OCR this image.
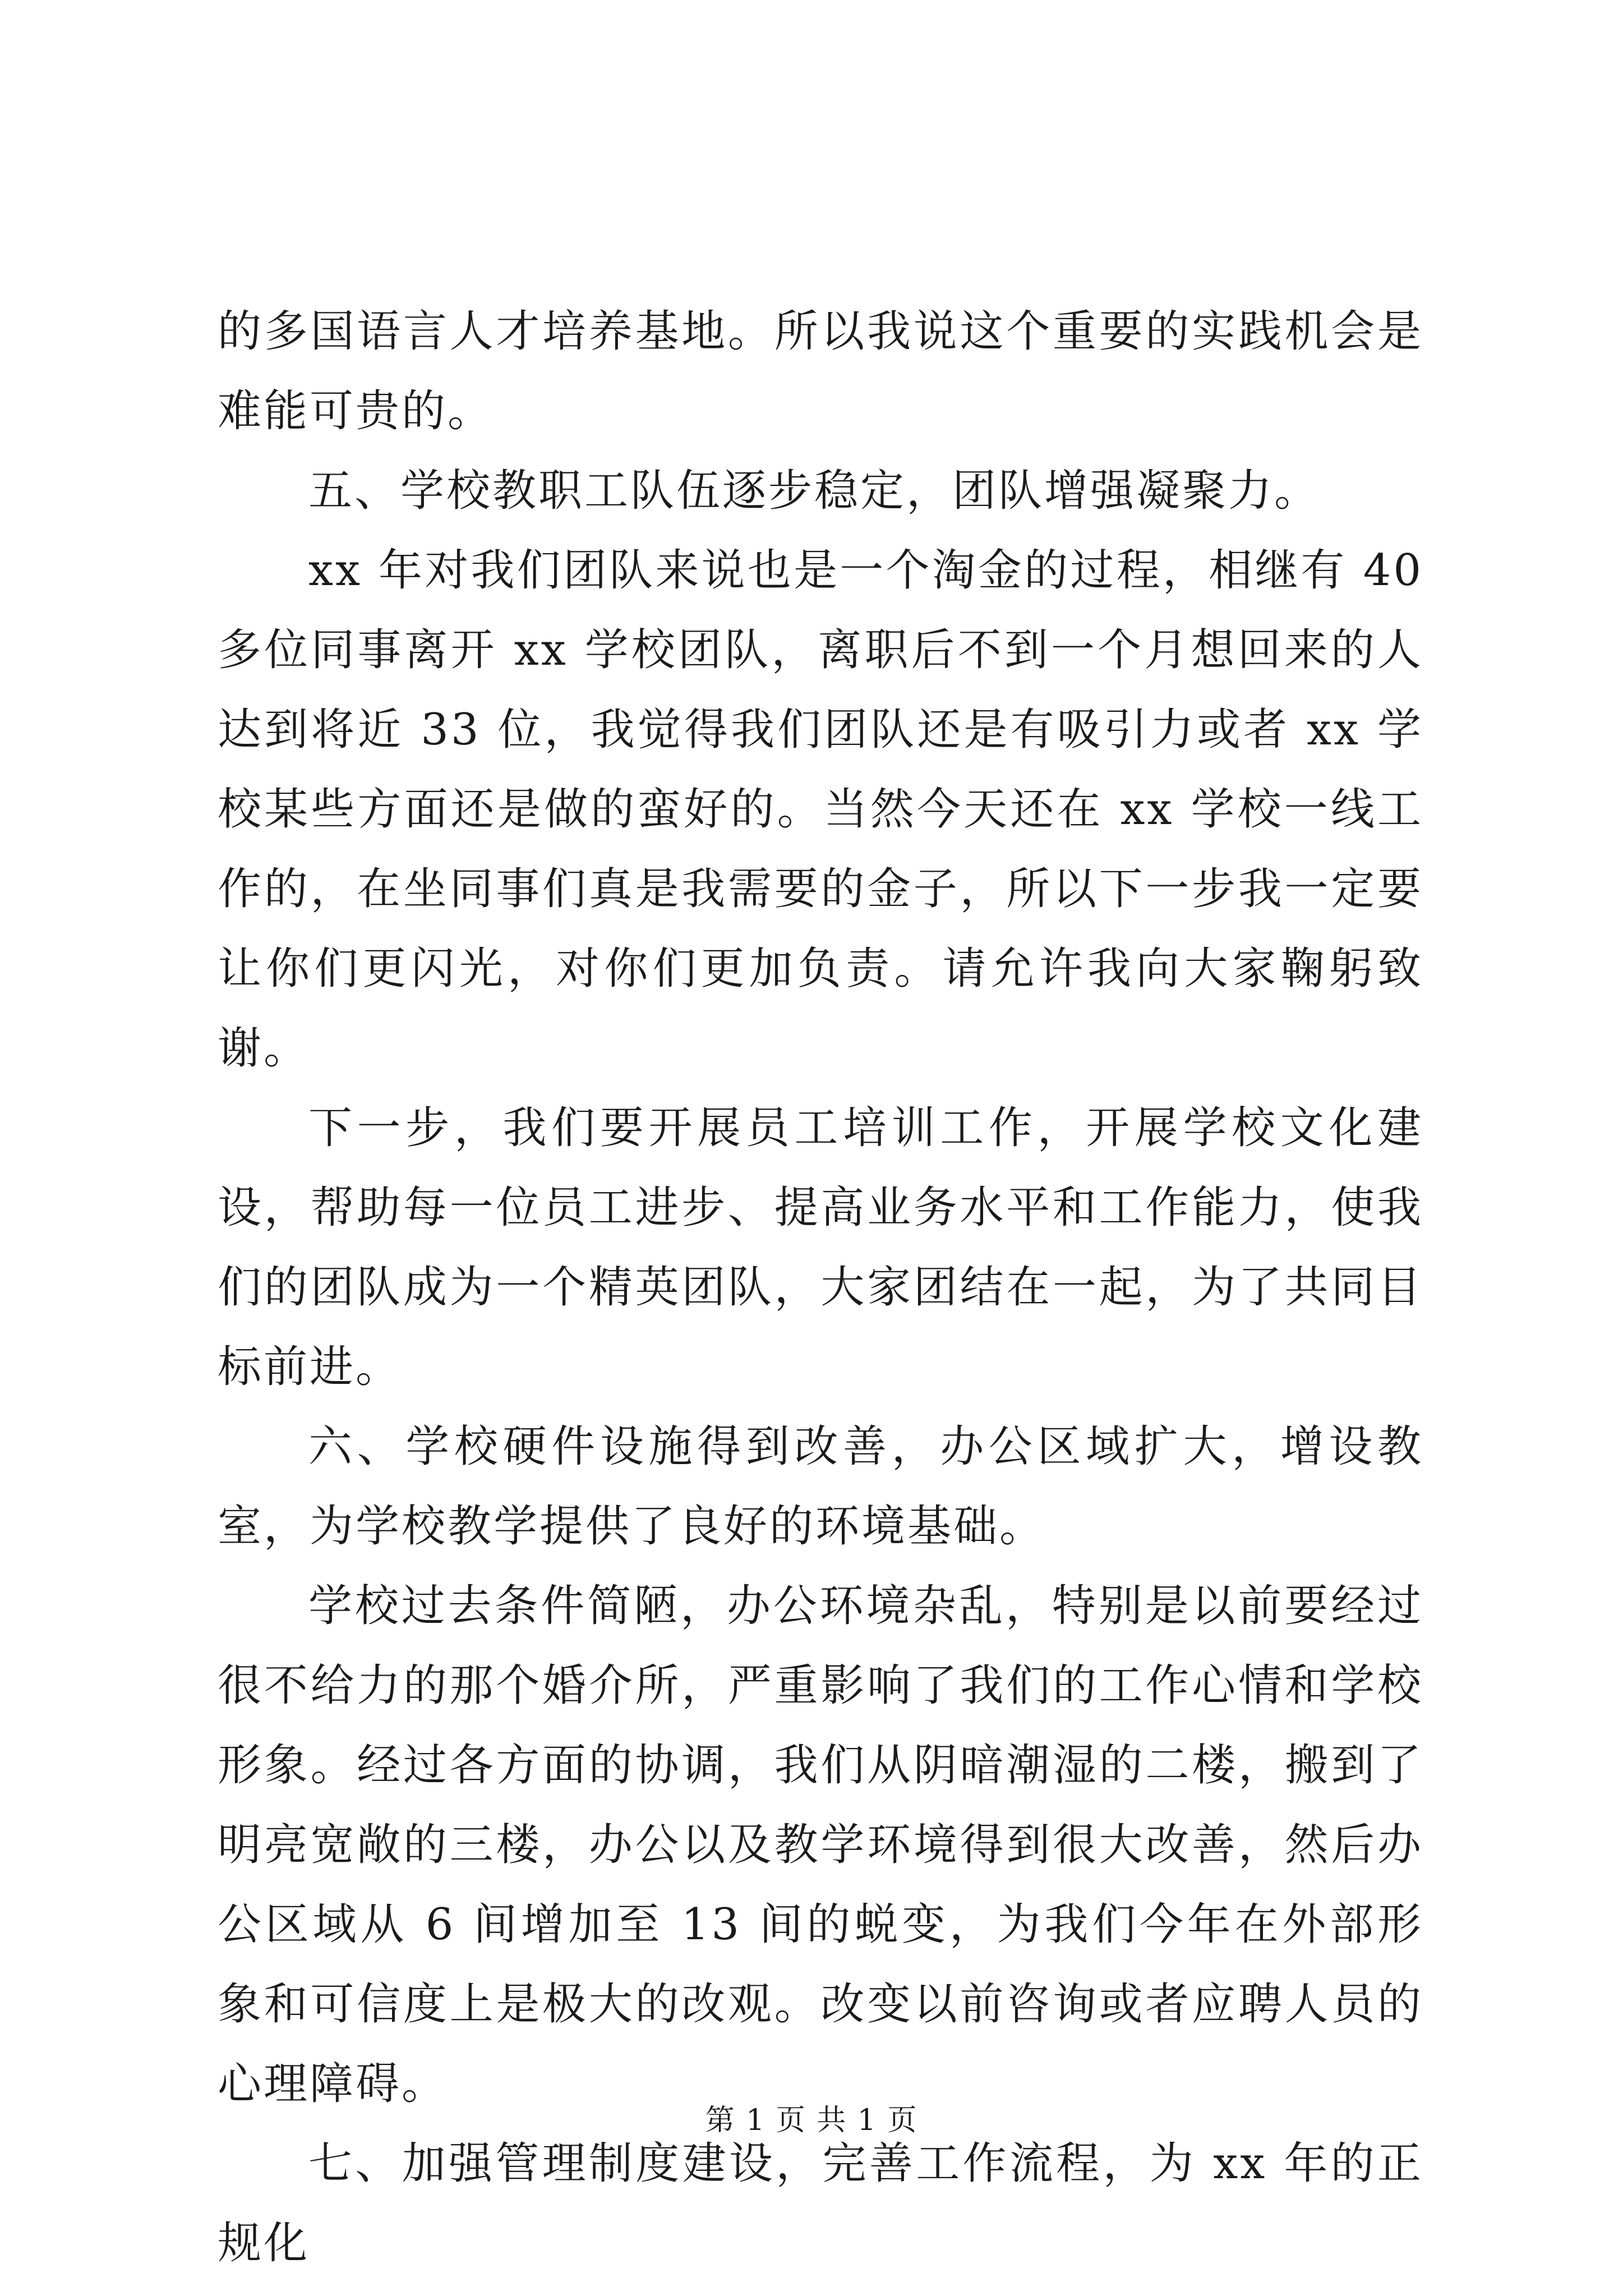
的多国语言人才培养基地。所以我说这个重要的实践机会是难能可贵的。

五、学校教职工队伍逐步稳定，团队增强凝聚力。

xx 年对我们团队来说也是一个淘金的过程，相继有 40 多位同事离开 xx 学校团队，离职后不到一个月想回来的人达到将近 33 位，我觉得我们团队还是有吸引力或者 xx 学校某些方面还是做的蛮好的。当然今天还在 xx 学校一线工作的，在坐同事们真是我需要的金子，所以下一步我一定要让你们更闪光，对你们更加负责。请允许我向大家鞠躬致谢。

下一步，我们要开展员工培训工作，开展学校文化建设，帮助每一位员工进步、提高业务水平和工作能力，使我们的团队成为一个精英团队，大家团结在一起，为了共同目标前进。

六、学校硬件设施得到改善，办公区域扩大，增设教室，为学校教学提供了良好的环境基础。

学校过去条件简陋，办公环境杂乱，特别是以前要经过很不给力的那个婚介所，严重影响了我们的工作心情和学校形象。经过各方面的协调，我们从阴暗潮湿的二楼，搬到了明亮宽敞的三楼，办公以及教学环境得到很大改善，然后办公区域从 6 间增加至 13 间的蜕变，为我们今年在外部形象和可信度上是极大的改观。改变以前咨询或者应聘人员的心理障碍。

七、加强管理制度建设，完善工作流程，为 xx 年的正规化

第 1 页 共 1 页
